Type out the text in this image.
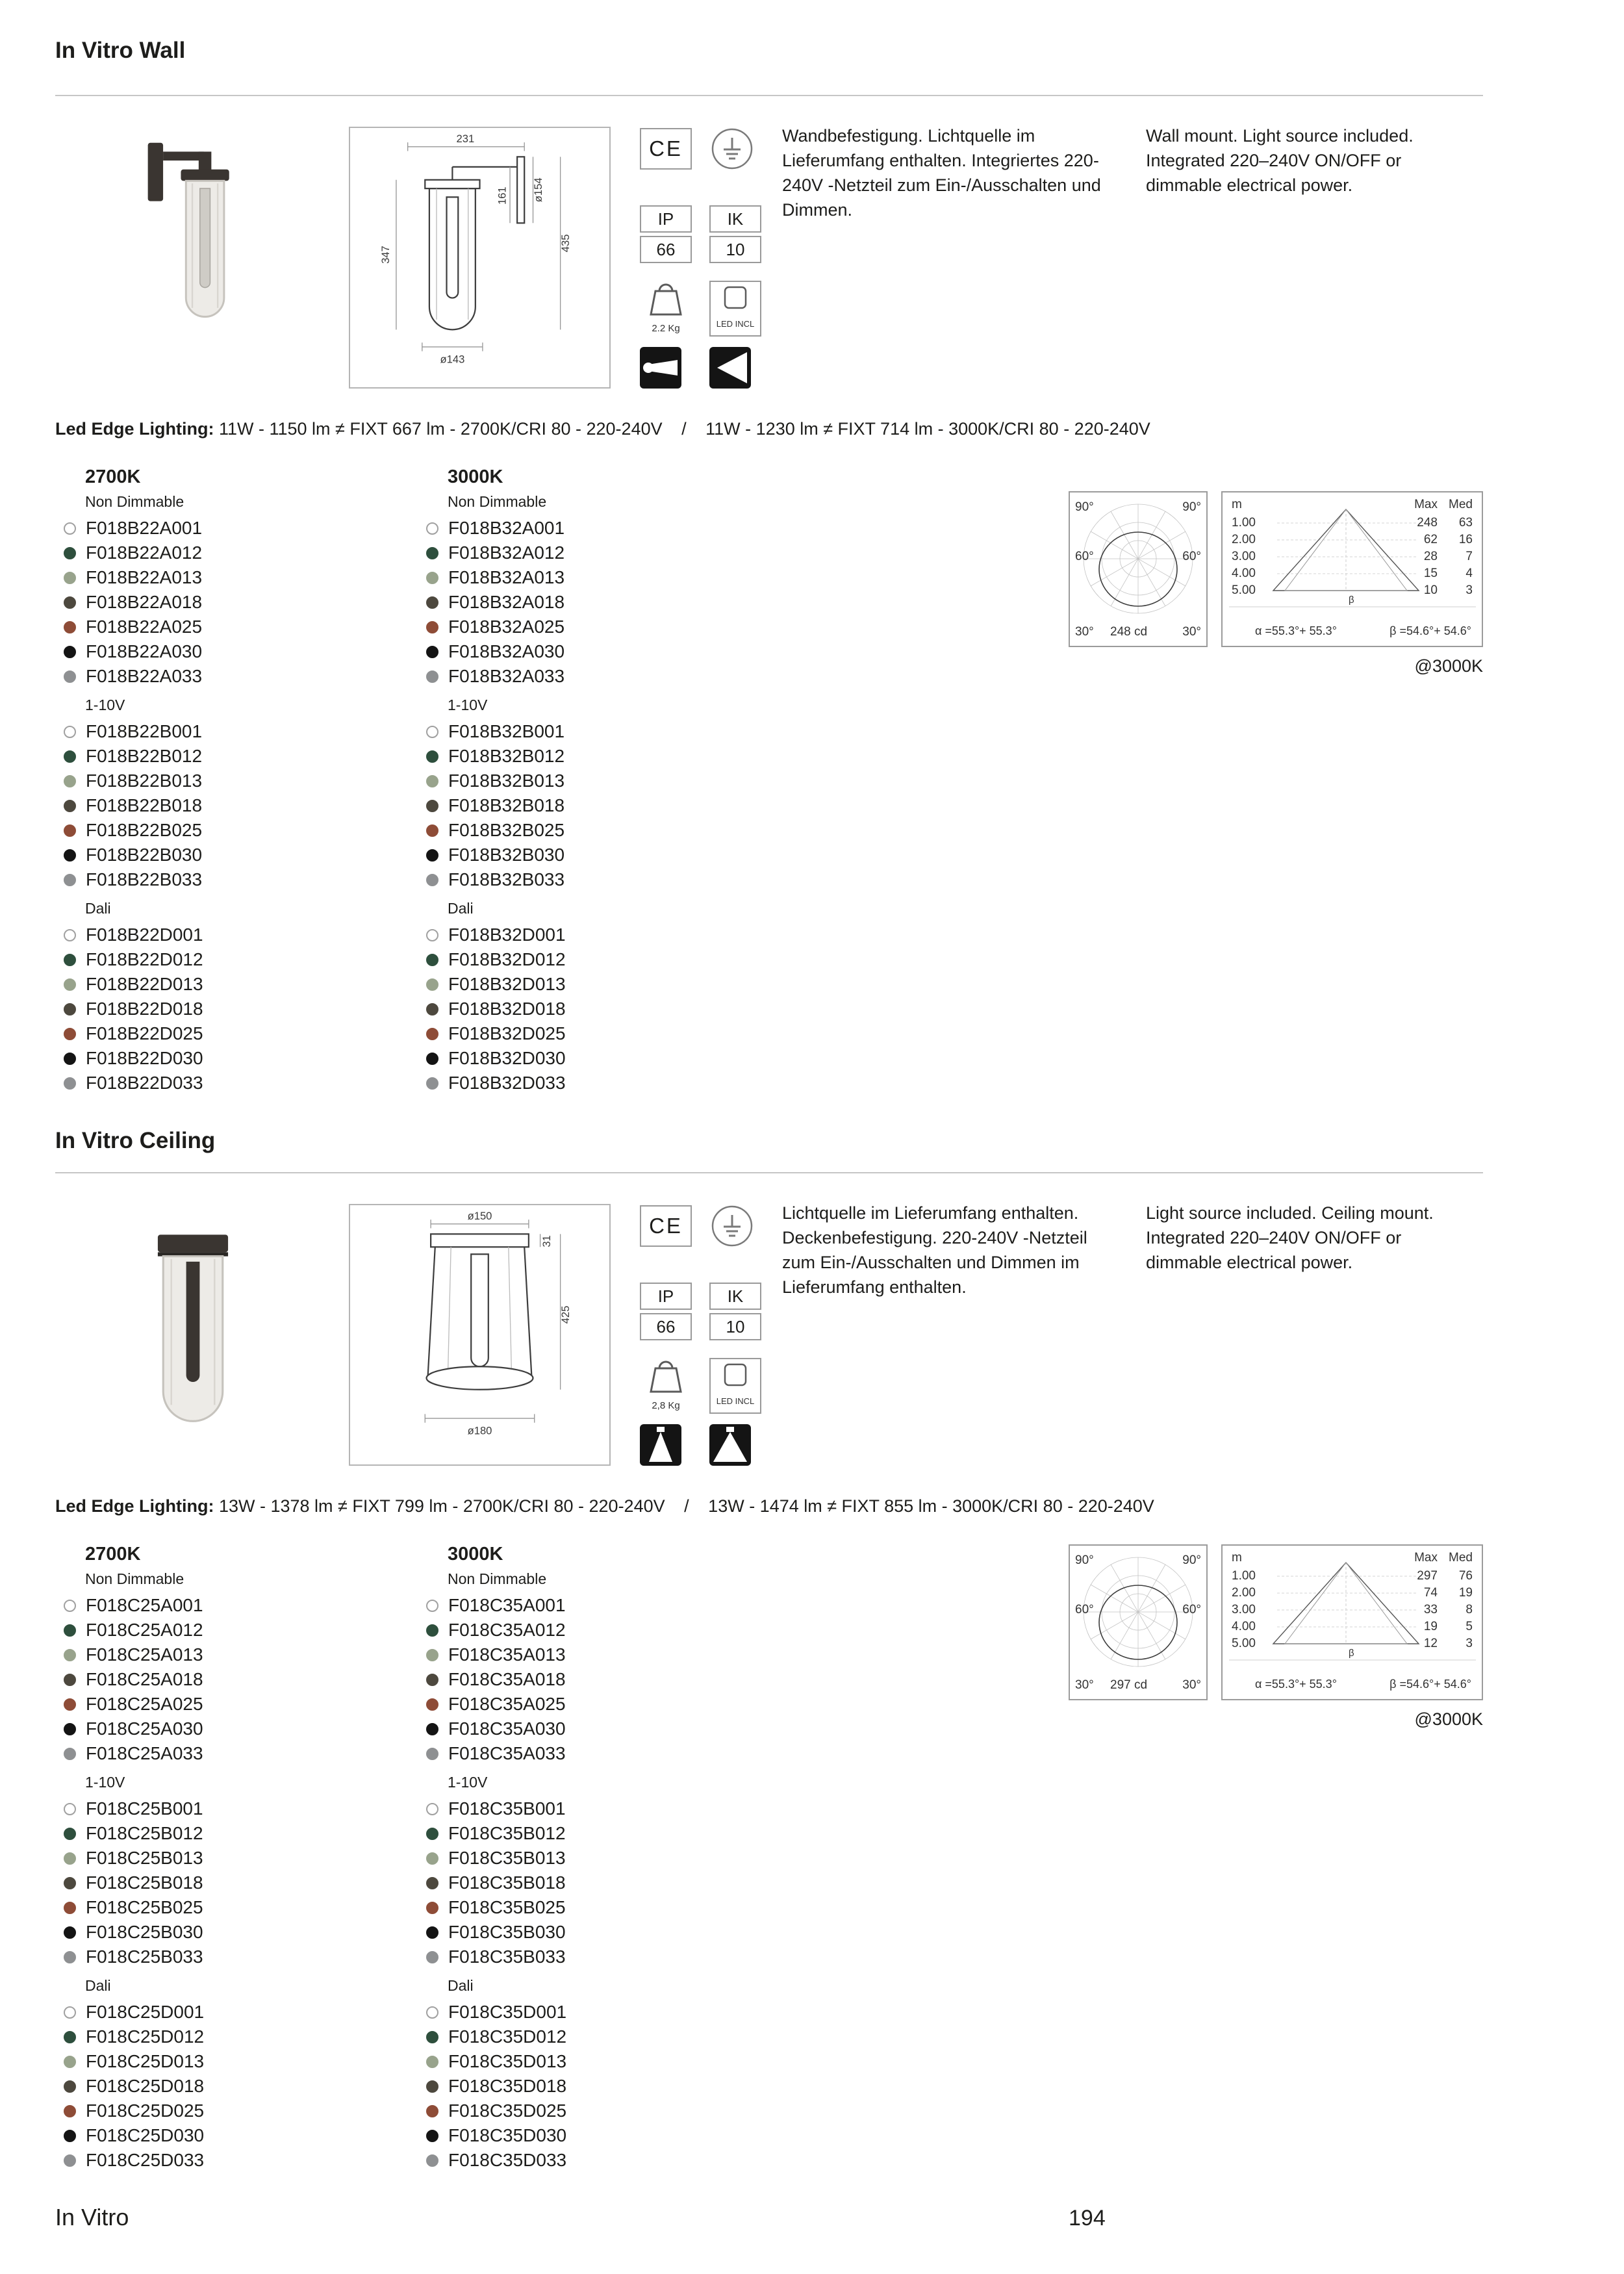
In Vitro Wall
231
ø154
161
435
347
ø143
CE
IP
66
IK
10
2.2 Kg	LED INCL

Wandbefestigung. Lichtquelle im Lieferumfang enthalten. Integriertes 220-240V -Netzteil zum Ein-/Ausschalten und Dimmen.

Wall mount. Light source included. Integrated 220–240V ON/OFF or dimmable electrical power.

Led Edge Lighting: 11W - 1150 lm ≠ FIXT 667 lm - 2700K/CRI 80 - 220-240V / 11W - 1230 lm ≠ FIXT 714 lm - 3000K/CRI 80 - 220-240V

2700K
Non Dimmable
F018B22A001
F018B22A012
F018B22A013
F018B22A018
F018B22A025
F018B22A030
F018B22A033
1-10V
F018B22B001
F018B22B012
F018B22B013
F018B22B018
F018B22B025
F018B22B030
F018B22B033
Dali
F018B22D001
F018B22D012
F018B22D013
F018B22D018
F018B22D025
F018B22D030
F018B22D033
3000K
Non Dimmable
F018B32A001
F018B32A012
F018B32A013
F018B32A018
F018B32A025
F018B32A030
F018B32A033
1-10V
F018B32B001
F018B32B012
F018B32B013
F018B32B018
F018B32B025
F018B32B030
F018B32B033
Dali
F018B32D001
F018B32D012
F018B32D013
F018B32D018
F018B32D025
F018B32D030
F018B32D033
90°	90°
60°	60°
30°	30°
248 cd
β
m	Max Med
1.00	248	63
2.00	62	16
3.00	28	7
4.00	15	4
5.00	10	3
α =55.3°+ 55.3°	β =54.6°+ 54.6°
@3000K
In Vitro Ceiling
ø150
31
425
ø180
CE
IP
66
IK
10
2,8 Kg	LED INCL

Lichtquelle im Lieferumfang enthalten. Deckenbefestigung. 220-240V -Netzteil zum Ein-/Ausschalten und Dimmen im Lieferumfang enthalten.

Light source included. Ceiling mount. Integrated 220–240V ON/OFF or dimmable electrical power.

Led Edge Lighting: 13W - 1378 lm ≠ FIXT 799 lm - 2700K/CRI 80 - 220-240V / 13W - 1474 lm ≠ FIXT 855 lm - 3000K/CRI 80 - 220-240V

2700K
Non Dimmable
F018C25A001
F018C25A012
F018C25A013
F018C25A018
F018C25A025
F018C25A030
F018C25A033
1-10V
F018C25B001
F018C25B012
F018C25B013
F018C25B018
F018C25B025
F018C25B030
F018C25B033
Dali
F018C25D001
F018C25D012
F018C25D013
F018C25D018
F018C25D025
F018C25D030
F018C25D033
3000K
Non Dimmable
F018C35A001
F018C35A012
F018C35A013
F018C35A018
F018C35A025
F018C35A030
F018C35A033
1-10V
F018C35B001
F018C35B012
F018C35B013
F018C35B018
F018C35B025
F018C35B030
F018C35B033
Dali
F018C35D001
F018C35D012
F018C35D013
F018C35D018
F018C35D025
F018C35D030
F018C35D033
90°	90°
60°	60°
30°	30°
297 cd
β
m	Max Med
1.00	297	76
2.00	74	19
3.00	33	8
4.00	19	5
5.00	12	3
α =55.3°+ 55.3°	β =54.6°+ 54.6°
@3000K
In Vitro	194
